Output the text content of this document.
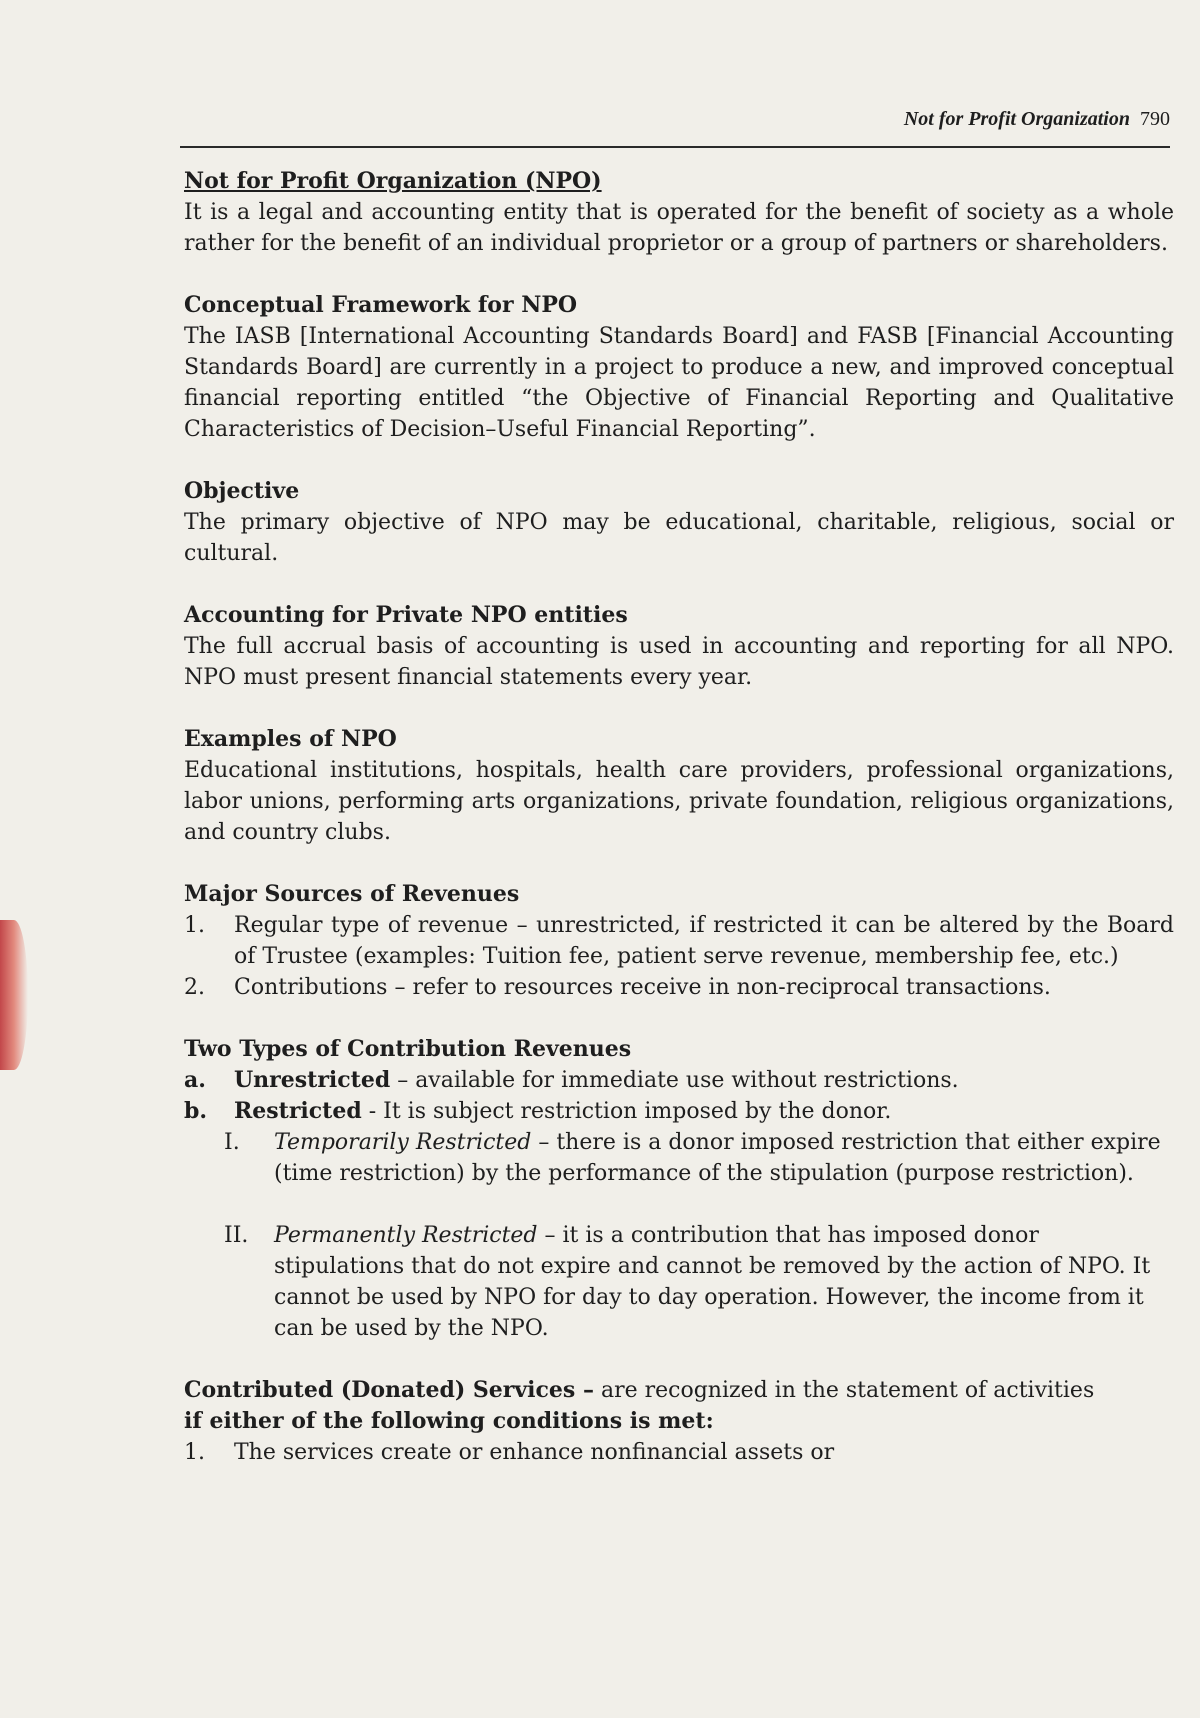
Not for Profit Organization 790
Not for Profit Organization (NPO)

It is a legal and accounting entity that is operated for the benefit of society as a whole rather for the benefit of an individual proprietor or a group of partners or shareholders.

Conceptual Framework for NPO

The IASB [International Accounting Standards Board] and FASB [Financial Accounting Standards Board] are currently in a project to produce a new, and improved conceptual financial reporting entitled “the Objective of Financial Reporting and Qualitative Characteristics of Decision–Useful Financial Reporting”.

Objective

The primary objective of NPO may be educational, charitable, religious, social or cultural.

Accounting for Private NPO entities

The full accrual basis of accounting is used in accounting and reporting for all NPO. NPO must present financial statements every year.

Examples of NPO

Educational institutions, hospitals, health care providers, professional organizations, labor unions, performing arts organizations, private foundation, religious organizations, and country clubs.

Major Sources of Revenues
1.	Regular type of revenue – unrestricted, if restricted it can be altered by the Board of Trustee (examples: Tuition fee, patient serve revenue, membership fee, etc.)
2.	Contributions – refer to resources receive in non-reciprocal transactions.
Two Types of Contribution Revenues
a.	Unrestricted – available for immediate use without restrictions.
b.	Restricted - It is subject restriction imposed by the donor.
I.	Temporarily Restricted – there is a donor imposed restriction that either expire (time restriction) by the performance of the stipulation (purpose restriction).
II.	Permanently Restricted – it is a contribution that has imposed donor stipulations that do not expire and cannot be removed by the action of NPO. It cannot be used by NPO for day to day operation. However, the income from it can be used by the NPO.

Contributed (Donated) Services – are recognized in the statement of activities

if either of the following conditions is met:
1.	The services create or enhance nonfinancial assets or
